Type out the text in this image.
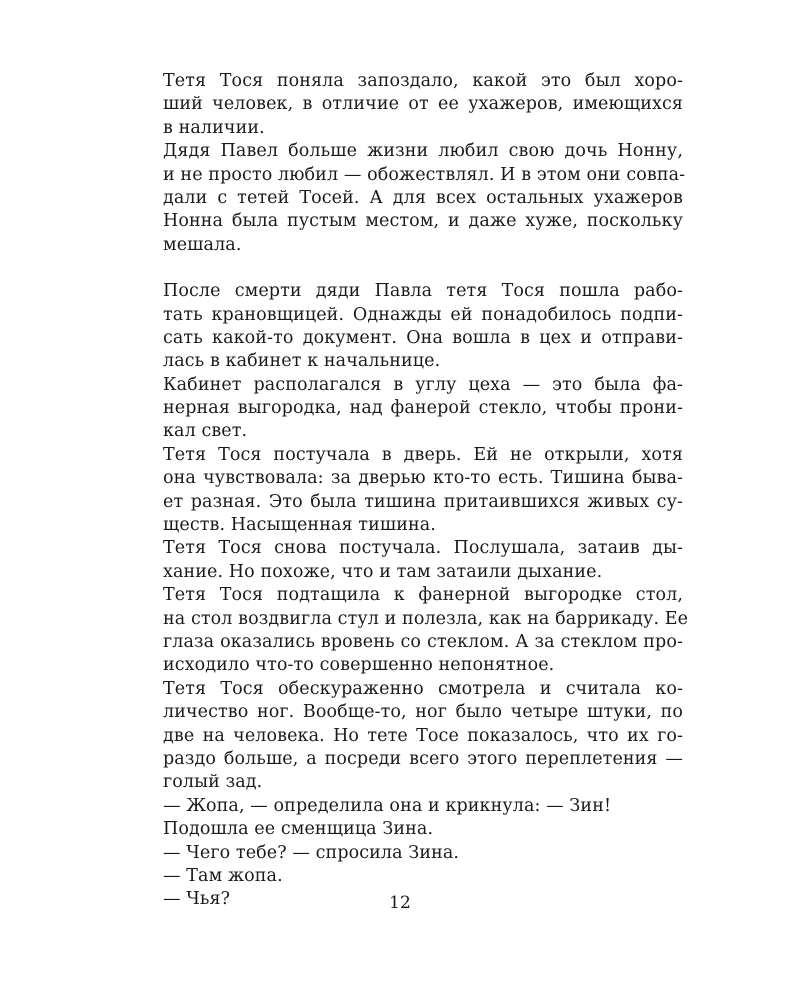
Тетя Тося поняла запоздало, какой это был хоро-
ший человек, в отличие от ее ухажеров, имеющихся
в наличии.
Дядя Павел больше жизни любил свою дочь Нонну,
и не просто любил — обожествлял. И в этом они совпа-
дали с тетей Тосей. А для всех остальных ухажеров
Нонна была пустым местом, и даже хуже, поскольку
мешала.
После смерти дяди Павла тетя Тося пошла рабо-
тать крановщицей. Однажды ей понадобилось подпи-
сать какой-то документ. Она вошла в цех и отправи-
лась в кабинет к начальнице.
Кабинет располагался в углу цеха — это была фа-
нерная выгородка, над фанерой стекло, чтобы прони-
кал свет.
Тетя Тося постучала в дверь. Ей не открыли, хотя
она чувствовала: за дверью кто-то есть. Тишина быва-
ет разная. Это была тишина притаившихся живых су-
ществ. Насыщенная тишина.
Тетя Тося снова постучала. Послушала, затаив ды-
хание. Но похоже, что и там затаили дыхание.
Тетя Тося подтащила к фанерной выгородке стол,
на стол воздвигла стул и полезла, как на баррикаду. Ее
глаза оказались вровень со стеклом. А за стеклом про-
исходило что-то совершенно непонятное.
Тетя Тося обескураженно смотрела и считала ко-
личество ног. Вообще-то, ног было четыре штуки, по
две на человека. Но тете Тосе показалось, что их го-
раздо больше, а посреди всего этого переплетения —
голый зад.
— Жопа, — определила она и крикнула: — Зин!
Подошла ее сменщица Зина.
— Чего тебе? — спросила Зина.
— Там жопа.
— Чья?	12
